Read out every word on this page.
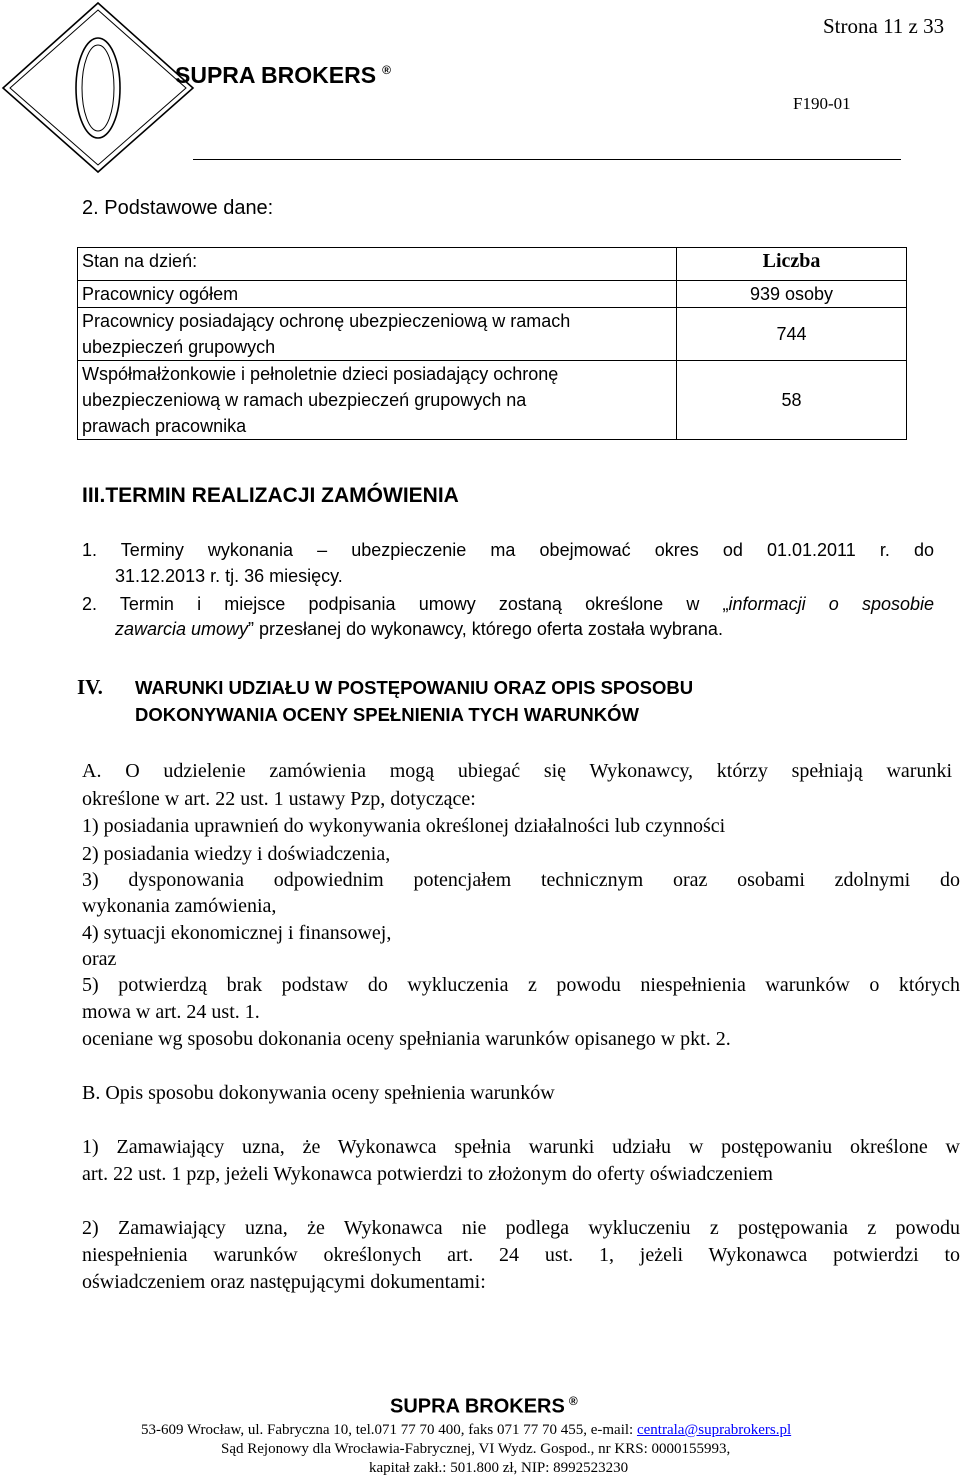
Strona 11 z 33
SUPRA BROKERS ®
F190-01
2. Podstawowe dane:
Stan na dzień:	Liczba
Pracownicy ogółem	939 osoby
Pracownicy posiadający ochronę ubezpieczeniową w ramach
ubezpieczeń grupowych	744
Współmałżonkowie i pełnoletnie dzieci posiadający ochronę
ubezpieczeniową w ramach ubezpieczeń grupowych na
prawach pracownika	58
III.TERMIN REALIZACJI ZAMÓWIENIA
1. Terminy wykonania – ubezpieczenie ma obejmować okres od 01.01.2011 r. do
31.12.2013 r. tj. 36 miesięcy.
2. Termin i miejsce podpisania umowy zostaną określone w „informacji o sposobie
zawarcia umowy” przesłanej do wykonawcy, którego oferta została wybrana.
IV. WARUNKI UDZIAŁU W POSTĘPOWANIU ORAZ OPIS SPOSOBU
DOKONYWANIA OCENY SPEŁNIENIA TYCH WARUNKÓW
A. O udzielenie zamówienia mogą ubiegać się Wykonawcy, którzy spełniają warunki
określone w art. 22 ust. 1 ustawy Pzp, dotyczące:
1) posiadania uprawnień do wykonywania określonej działalności lub czynności
2) posiadania wiedzy i doświadczenia,
3) dysponowania odpowiednim potencjałem technicznym oraz osobami zdolnymi do
wykonania zamówienia,
4) sytuacji ekonomicznej i finansowej,
oraz
5) potwierdzą brak podstaw do wykluczenia z powodu niespełnienia warunków o których
mowa w art. 24 ust. 1.
oceniane wg sposobu dokonania oceny spełniania warunków opisanego w pkt. 2.
B. Opis sposobu dokonywania oceny spełnienia warunków
1) Zamawiający uzna, że Wykonawca spełnia warunki udziału w postępowaniu określone w
art. 22 ust. 1 pzp, jeżeli Wykonawca potwierdzi to złożonym do oferty oświadczeniem
2) Zamawiający uzna, że Wykonawca nie podlega wykluczeniu z postępowania z powodu
niespełnienia warunków określonych art. 24 ust. 1, jeżeli Wykonawca potwierdzi to
oświadczeniem oraz następującymi dokumentami:
SUPRA BROKERS ®
53-609 Wrocław, ul. Fabryczna 10, tel.071 77 70 400, faks 071 77 70 455, e-mail: centrala@suprabrokers.pl
Sąd Rejonowy dla Wrocławia-Fabrycznej, VI Wydz. Gospod., nr KRS: 0000155993,
kapitał zakł.: 501.800 zł, NIP: 8992523230
